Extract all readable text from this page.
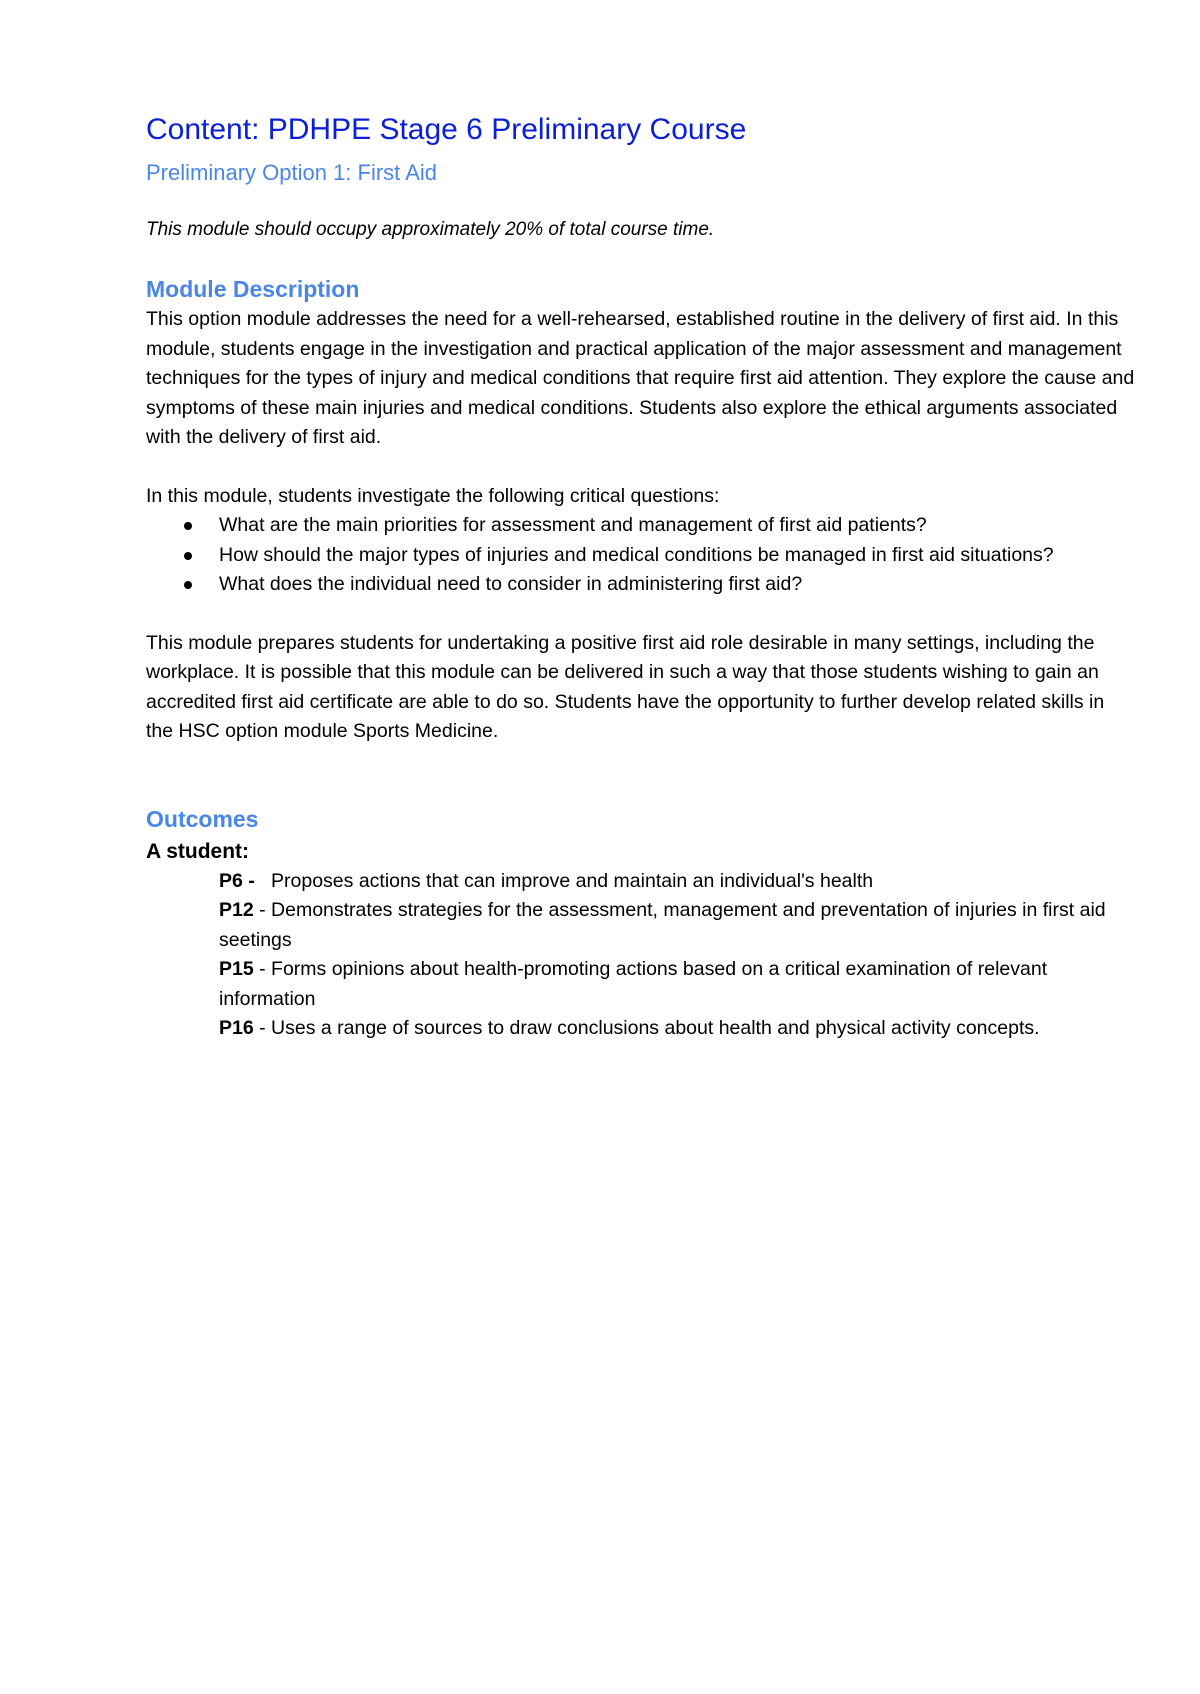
Content: PDHPE Stage 6 Preliminary Course
Preliminary Option 1: First Aid

This module should occupy approximately 20% of total course time.

Module Description

This option module addresses the need for a well-rehearsed, established routine in the delivery of first aid. In this module, students engage in the investigation and practical application of the major assessment and management techniques for the types of injury and medical conditions that require first aid attention. They explore the cause and symptoms of these main injuries and medical conditions. Students also explore the ethical arguments associated with the delivery of first aid.

In this module, students investigate the following critical questions:

What are the main priorities for assessment and management of first aid patients?
How should the major types of injuries and medical conditions be managed in first aid situations?
What does the individual need to consider in administering first aid?

This module prepares students for undertaking a positive first aid role desirable in many settings, including the workplace. It is possible that this module can be delivered in such a way that those students wishing to gain an accredited first aid certificate are able to do so. Students have the opportunity to further develop related skills in the HSC option module Sports Medicine.

Outcomes

A student:

P6 -   Proposes actions that can improve and maintain an individual's health
P12 - Demonstrates strategies for the assessment, management and preventation of injuries in first aid seetings
P15 - Forms opinions about health-promoting actions based on a critical examination of relevant information
P16 - Uses a range of sources to draw conclusions about health and physical activity concepts.
